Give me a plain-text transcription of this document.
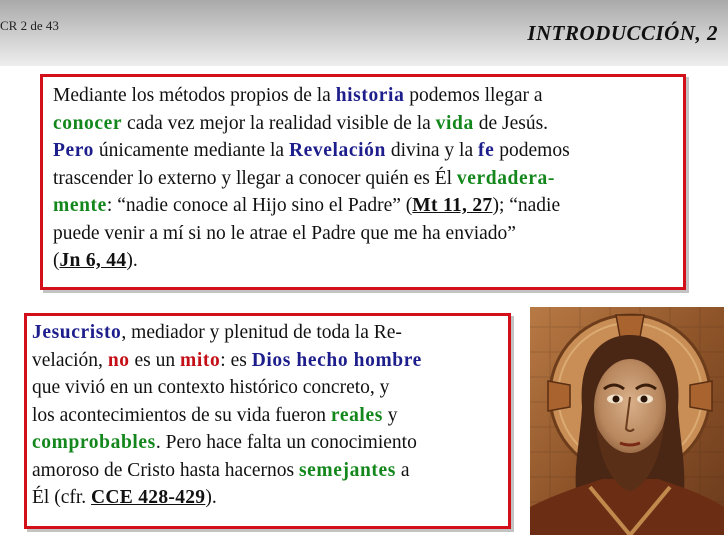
CR 2 de 43	INTRODUCCIÓN, 2
Mediante los métodos propios de la historia podemos llegar a
conocer cada vez mejor la realidad visible de la vida de Jesús.
Pero únicamente mediante la Revelación divina y la fe podemos
trascender lo externo y llegar a conocer quién es Él verdadera-
mente: “nadie conoce al Hijo sino el Padre” (Mt 11, 27); “nadie
puede venir a mí si no le atrae el Padre que me ha enviado”
(Jn 6, 44).
Jesucristo, mediador y plenitud de toda la Re-
velación, no es un mito: es Dios hecho hombre
que vivió en un contexto histórico concreto, y
los acontecimientos de su vida fueron reales y
comprobables. Pero hace falta un conocimiento
amoroso de Cristo hasta hacernos semejantes a
Él (cfr. CCE 428-429).
